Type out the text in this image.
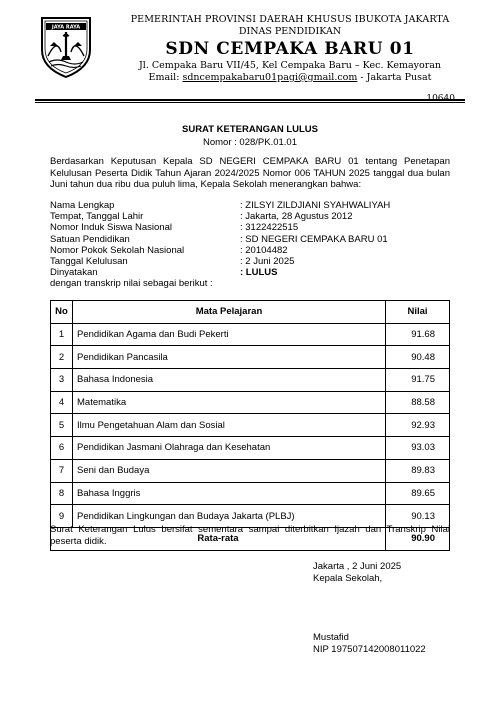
JAYA RAYA
PEMERINTAH PROVINSI DAERAH KHUSUS IBUKOTA JAKARTA
DINAS PENDIDIKAN
SDN CEMPAKA BARU 01
Jl. Cempaka Baru VII/45, Kel Cempaka Baru – Kec. Kemayoran
Email: sdncempakabaru01pagi@gmail.com - Jakarta Pusat
SURAT KETERANGAN LULUS
Nomor : 028/PK.01.01
Berdasarkan Keputusan Kepala SD NEGERI CEMPAKA BARU 01 tentang Penetapan Kelulusan Peserta Didik Tahun Ajaran 2024/2025 Nomor 006 TAHUN 2025 tanggal dua bulan Juni tahun dua ribu dua puluh lima, Kepala Sekolah menerangkan bahwa:
Nama Lengkap	: ZILSYI ZILDJIANI SYAHWALIYAH
Tempat, Tanggal Lahir	: Jakarta, 28 Agustus 2012
Nomor Induk Siswa Nasional	: 3122422515
Satuan Pendidikan	: SD NEGERI CEMPAKA BARU 01
Nomor Pokok Sekolah Nasional	: 20104482
Tanggal Kelulusan	: 2 Juni 2025
Dinyatakan	: LULUS
dengan transkrip nilai sebagai berikut :
No	Mata Pelajaran	Nilai
1	Pendidikan Agama dan Budi Pekerti	91.68
2	Pendidikan Pancasila	90.48
3	Bahasa Indonesia	91.75
4	Matematika	88.58
5	Ilmu Pengetahuan Alam dan Sosial	92.93
6	Pendidikan Jasmani Olahraga dan Kesehatan	93.03
7	Seni dan Budaya	89.83
8	Bahasa Inggris	89.65
9	Pendidikan Lingkungan dan Budaya Jakarta (PLBJ)	90.13
Rata-rata		90.90
Surat Keterangan Lulus bersifat sementara sampai diterbitkan Ijazah dan Transkrip Nilai peserta didik.
Jakarta , 2 Juni 2025
Kepala Sekolah,
Mustafid
NIP 197507142008011022
